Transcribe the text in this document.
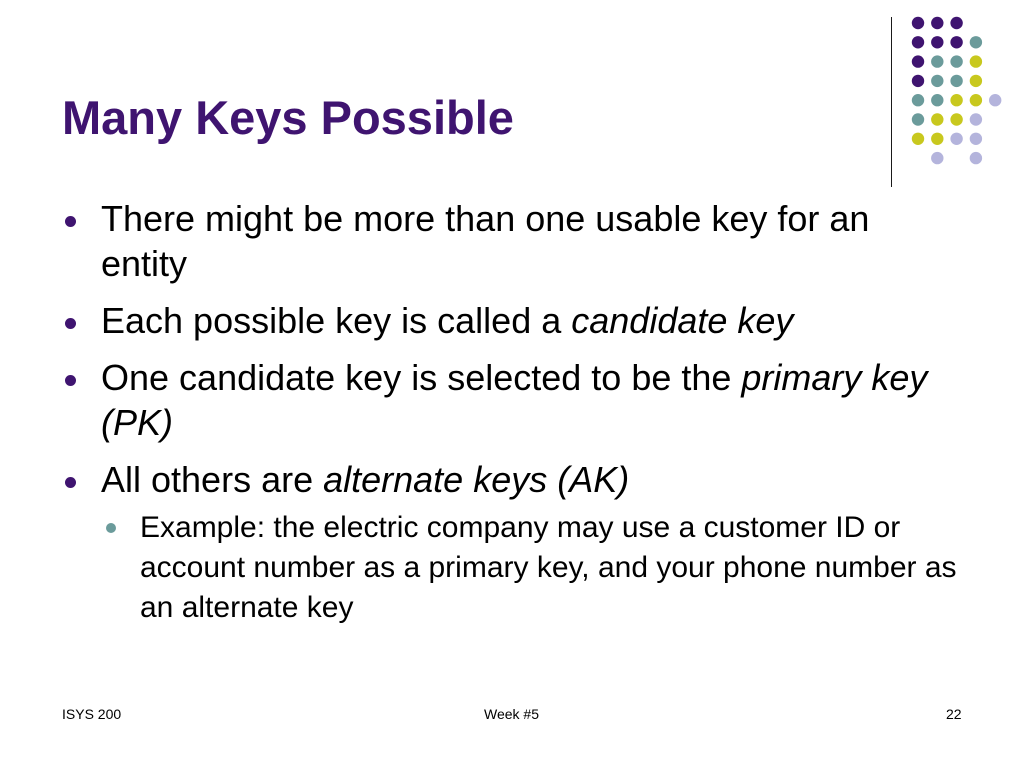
Many Keys Possible
There might be more than one usable key for an entity
Each possible key is called a candidate key
One candidate key is selected to be the primary key (PK)
All others are alternate keys (AK)
Example: the electric company may use a customer ID or account number as a primary key, and your phone number as an alternate key
ISYS 200	Week #5	22
